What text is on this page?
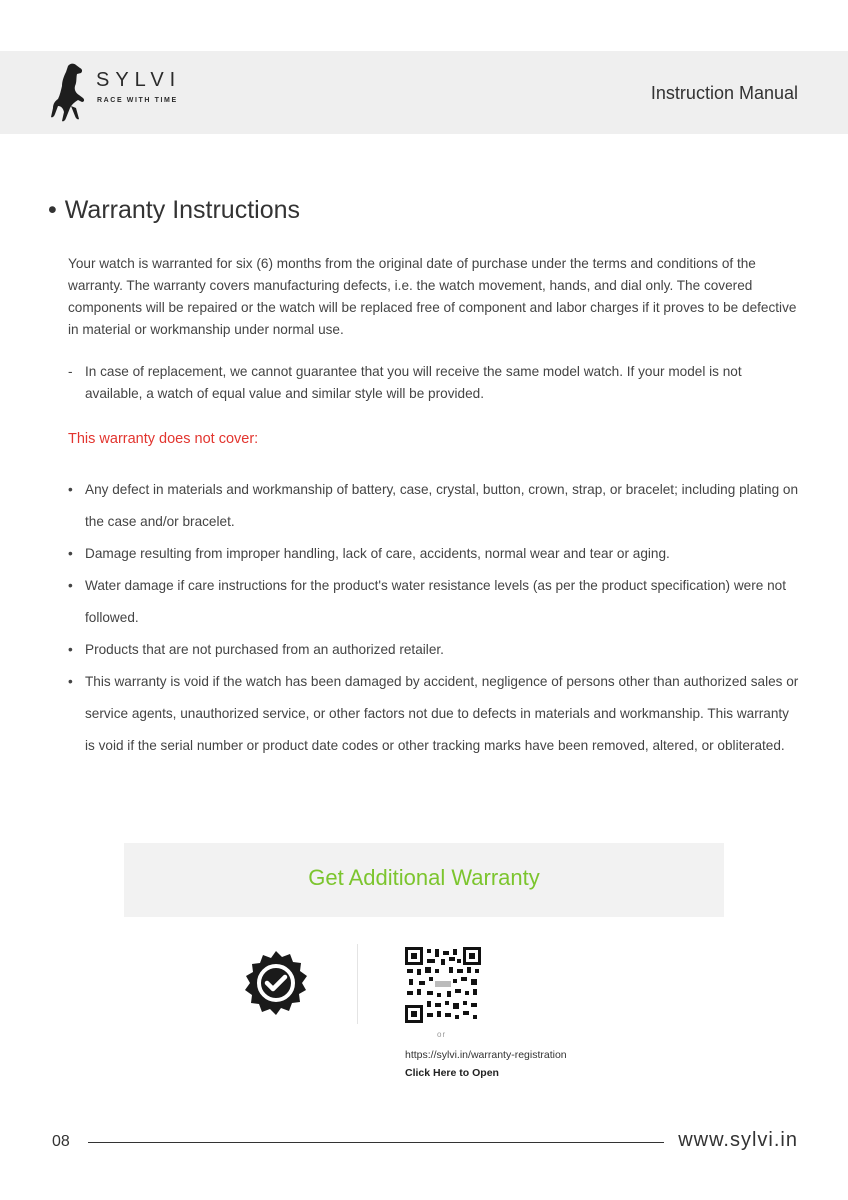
SYLVI
RACE WITH TIME	Instruction Manual
• Warranty Instructions
Your watch is warranted for six (6) months from the original date of purchase under the terms and conditions of the warranty. The warranty covers manufacturing defects, i.e. the watch movement, hands, and dial only. The covered components will be repaired or the watch will be replaced free of component and labor charges if it proves to be defective in material or workmanship under normal use.
- In case of replacement, we cannot guarantee that you will receive the same model watch. If your model is not available, a watch of equal value and similar style will be provided.
This warranty does not cover:
• Any defect in materials and workmanship of battery, case, crystal, button, crown, strap, or bracelet; including plating on the case and/or bracelet.
• Damage resulting from improper handling, lack of care, accidents, normal wear and tear or aging.
• Water damage if care instructions for the product's water resistance levels (as per the product specification) were not followed.
• Products that are not purchased from an authorized retailer.
• This warranty is void if the watch has been damaged by accident, negligence of persons other than authorized sales or service agents, unauthorized service, or other factors not due to defects in materials and workmanship. This warranty is void if the serial number or product date codes or other tracking marks have been removed, altered, or obliterated.
Get Additional Warranty
or
https://sylvi.in/warranty-registration
Click Here to Open
08	www.sylvi.in
